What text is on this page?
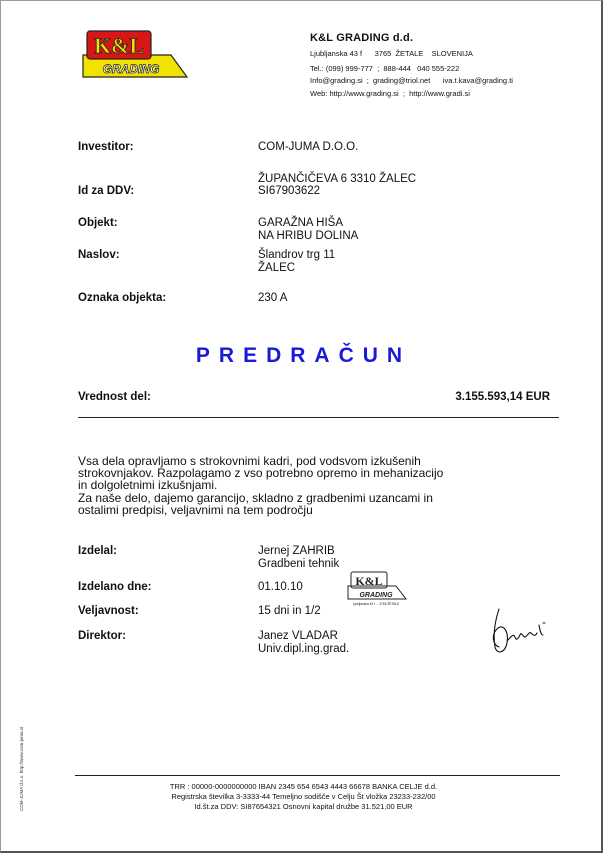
K&L
GRADING
K&L GRADING d.d.
Ljubljanska 43 f      3765  ŽETALE    SLOVENIJA
Tel.: (099) 999-777  ;  888-444   040 555-222
Info@grading.si  ;  grading@triol.net      iva.t.kava@grading.ti
Web: http://www.grading.si  ;  http://www.gradi.si
Investitor:	COM-JUMA D.O.O.
ŽUPANČIČEVA 6 3310 ŽALEC
Id za DDV:	SI67903622
Objekt:	GARAŽNA HIŠA
NA HRIBU DOLINA
Naslov:	Šlandrov trg 11
ŽALEC
Oznaka objekta:	230 A
PREDRAČUN
Vrednost del:	3.155.593,14 EUR
Vsa dela opravljamo s strokovnimi kadri, pod vodsvom izkušenih
strokovnjakov. Razpolagamo z vso potrebno opremo in mehanizacijo
in dolgoletnimi izkušnjami.
Za naše delo, dajemo garancijo, skladno z gradbenimi uzancami in
ostalimi predpisi, veljavnimi na tem področju
Izdelal:	Jernej ZAHRIB
Gradbeni tehnik
Izdelano dne:	01.10.10
Veljavnost:	15 dni in 1/2
Direktor:	Janez VLADAR
Univ.dipl.ing.grad.
K&L
GRADING
Ljubljanska 43 f ... 3765 ŽETALE
TRR : 00000-0000000000 IBAN 2345 654 6543 4443 66678 BANKA CELJE d.d.
Registrska številka 3-3333-44 Temeljno sodišče v Celju Št vložka 23233-232/00
Id.št.za DDV: SI87654321 Osnovni kapital družbe 31.521,00 EUR
COM-JUMA d.o.o. http://www.com-juma.si
